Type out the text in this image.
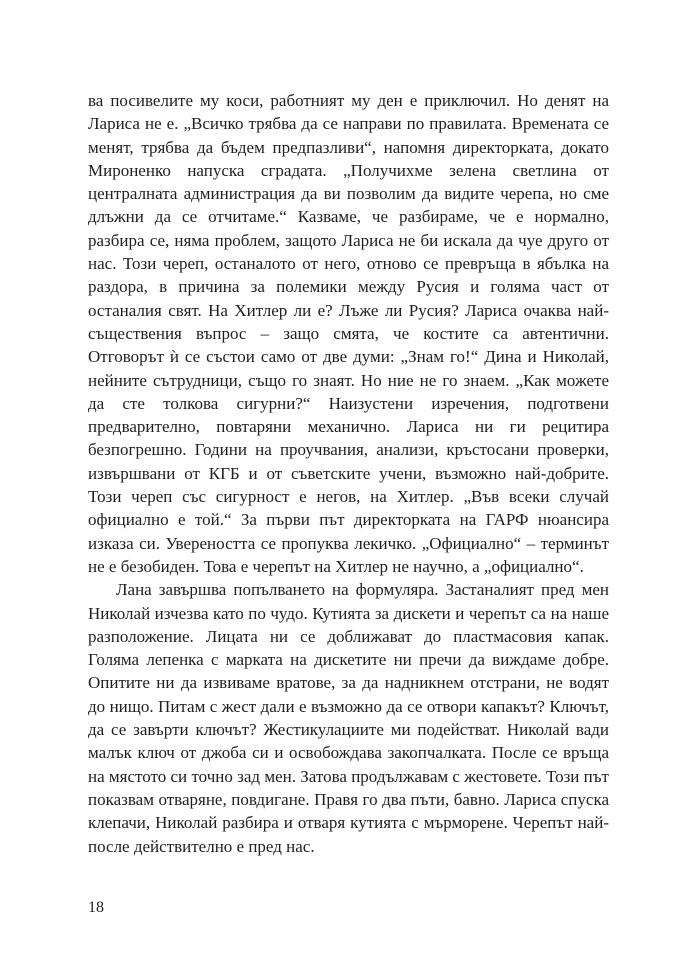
ва посивелите му коси, работният му ден е приключил. Но денят на Лариса не е. „Всичко трябва да се направи по правилата. Времената се менят, трябва да бъдем предпазливи“, напомня директорката, докато Мироненко напуска сградата. „Получихме зелена светлина от централната администрация да ви позволим да видите черепа, но сме длъжни да се отчитаме.“ Казваме, че разбираме, че е нормално, разбира се, няма проблем, защото Лариса не би искала да чуе друго от нас. Този череп, останалото от него, отново се превръща в ябълка на раздора, в причина за полемики между Русия и голяма част от останалия свят. На Хитлер ли е? Лъже ли Русия? Лариса очаква най-съществения въпрос – защо смята, че костите са автентични. Отговорът ѝ се състои само от две думи: „Знам го!“ Дина и Николай, нейните сътрудници, също го знаят. Но ние не го знаем. „Как можете да сте толкова сигурни?“ Наизустени изречения, подготвени предварително, повтаряни механично. Лариса ни ги рецитира безпогрешно. Години на проучвания, анализи, кръстосани проверки, извършвани от КГБ и от съветските учени, възможно най-добрите. Този череп със сигурност е негов, на Хитлер. „Във всеки случай официално е той.“ За първи път директорката на ГАРФ нюансира изказа си. Увереността се пропуква лекичко. „Официално“ – терминът не е безобиден. Това е черепът на Хитлер не научно, а „официално“.

Лана завършва попълването на формуляра. Застаналият пред мен Николай изчезва като по чудо. Кутията за дискети и черепът са на наше разположение. Лицата ни се доближават до пластмасовия капак. Голяма лепенка с марката на дискетите ни пречи да виждаме добре. Опитите ни да извиваме вратове, за да надникнем отстрани, не водят до нищо. Питам с жест дали е възможно да се отвори капакът? Ключът, да се завърти ключът? Жестикулациите ми подействат. Николай вади малък ключ от джоба си и освобождава закопчалката. После се връща на мястото си точно зад мен. Затова продължавам с жестовете. Този път показвам отваряне, повдигане. Правя го два пъти, бавно. Лариса спуска клепачи, Николай разбира и отваря кутията с мърморене. Черепът най-после действително е пред нас.

18
